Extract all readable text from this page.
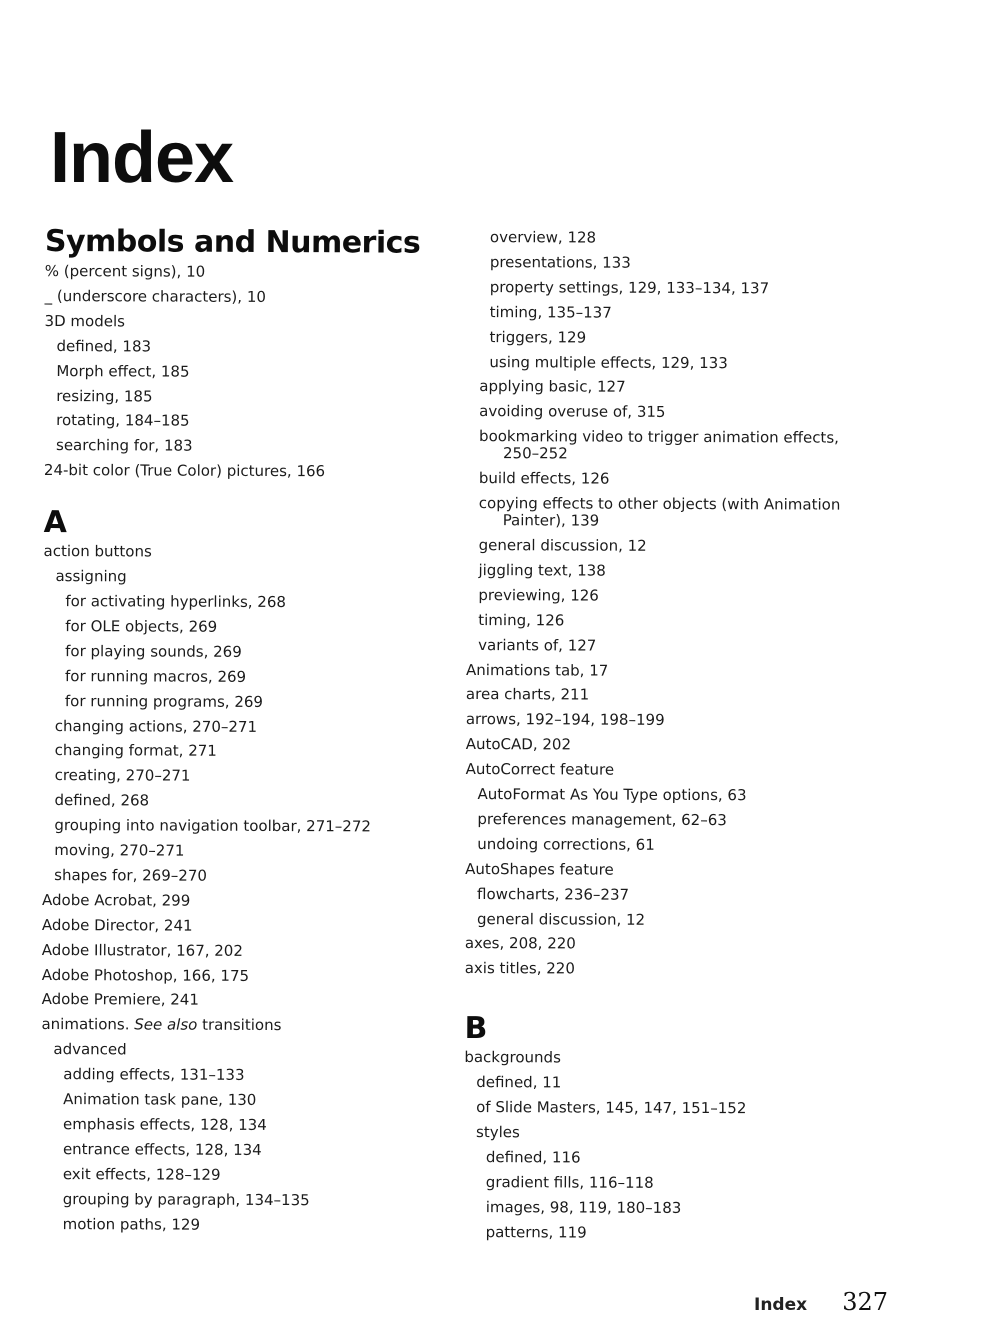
Index
Symbols and Numerics
% (percent signs), 10
_ (underscore characters), 10
3D models
defined, 183
Morph effect, 185
resizing, 185
rotating, 184–185
searching for, 183
24-bit color (True Color) pictures, 166
A
action buttons
assigning
for activating hyperlinks, 268
for OLE objects, 269
for playing sounds, 269
for running macros, 269
for running programs, 269
changing actions, 270–271
changing format, 271
creating, 270–271
defined, 268
grouping into navigation toolbar, 271–272
moving, 270–271
shapes for, 269–270
Adobe Acrobat, 299
Adobe Director, 241
Adobe Illustrator, 167, 202
Adobe Photoshop, 166, 175
Adobe Premiere, 241
animations. See also transitions
advanced
adding effects, 131–133
Animation task pane, 130
emphasis effects, 128, 134
entrance effects, 128, 134
exit effects, 128–129
grouping by paragraph, 134–135
motion paths, 129
overview, 128
presentations, 133
property settings, 129, 133–134, 137
timing, 135–137
triggers, 129
using multiple effects, 129, 133
applying basic, 127
avoiding overuse of, 315
bookmarking video to trigger animation effects,
250–252
build effects, 126
copying effects to other objects (with Animation
Painter), 139
general discussion, 12
jiggling text, 138
previewing, 126
timing, 126
variants of, 127
Animations tab, 17
area charts, 211
arrows, 192–194, 198–199
AutoCAD, 202
AutoCorrect feature
AutoFormat As You Type options, 63
preferences management, 62–63
undoing corrections, 61
AutoShapes feature
flowcharts, 236–237
general discussion, 12
axes, 208, 220
axis titles, 220
B
backgrounds
defined, 11
of Slide Masters, 145, 147, 151–152
styles
defined, 116
gradient fills, 116–118
images, 98, 119, 180–183
patterns, 119
Index 327
